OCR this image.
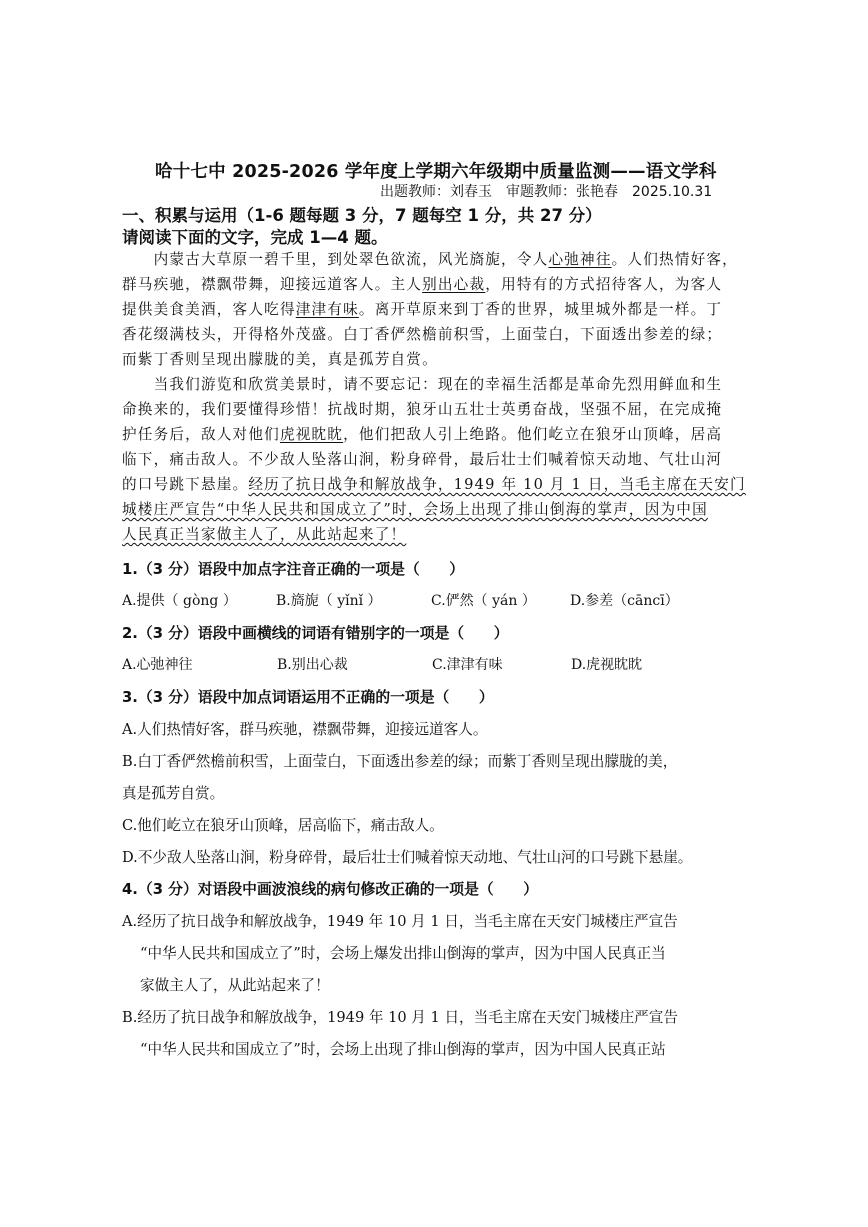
哈十七中 2025-2026 学年度上学期六年级期中质量监测——语文学科
出题教师：刘春玉 审题教师：张艳春 2025.10.31
一、积累与运用（1-6 题每题 3 分，7 题每空 1 分，共 27 分）
请阅读下面的文字，完成 1—4 题。
　　内蒙古大草原一碧千里，到处翠色欲流，风光旖旎，令人心弛神往。人们热情好客，
群马疾驰，襟飘带舞，迎接远道客人。主人别出心裁，用特有的方式招待客人，为客人
提供美食美酒，客人吃得津津有味。离开草原来到丁香的世界，城里城外都是一样。丁
香花缀满枝头，开得格外茂盛。白丁香俨然檐前积雪，上面莹白，下面透出参差的绿；
而紫丁香则呈现出朦胧的美，真是孤芳自赏。
　　当我们游览和欣赏美景时，请不要忘记：现在的幸福生活都是革命先烈用鲜血和生
命换来的，我们要懂得珍惜！抗战时期，狼牙山五壮士英勇奋战，坚强不屈，在完成掩
护任务后，敌人对他们虎视眈眈，他们把敌人引上绝路。他们屹立在狼牙山顶峰，居高
临下，痛击敌人。不少敌人坠落山涧，粉身碎骨，最后壮士们喊着惊天动地、气壮山河
的口号跳下悬崖。经历了抗日战争和解放战争，1949 年 10 月 1 日，当毛主席在天安门
城楼庄严宣告“中华人民共和国成立了”时，会场上出现了排山倒海的掌声，因为中国
人民真正当家做主人了，从此站起来了！
1.（3 分）语段中加点字注音正确的一项是（　　）
A.提供（ gòng ）	B.旖旎（ yǐnǐ ）	C.俨然（ yán ） D.参差（cāncī）
2.（3 分）语段中画横线的词语有错别字的一项是（　　）
A.心弛神往	B.别出心裁	C.津津有味	D.虎视眈眈
3.（3 分）语段中加点词语运用不正确的一项是（　　）
A.人们热情好客，群马疾驰，襟飘带舞，迎接远道客人。
B.白丁香俨然檐前积雪，上面莹白，下面透出参差的绿；而紫丁香则呈现出朦胧的美，
真是孤芳自赏。
C.他们屹立在狼牙山顶峰，居高临下，痛击敌人。
D.不少敌人坠落山涧，粉身碎骨，最后壮士们喊着惊天动地、气壮山河的口号跳下悬崖。
4.（3 分）对语段中画波浪线的病句修改正确的一项是（　　）
A.经历了抗日战争和解放战争，1949 年 10 月 1 日，当毛主席在天安门城楼庄严宣告
“中华人民共和国成立了”时，会场上爆发出排山倒海的掌声，因为中国人民真正当
家做主人了，从此站起来了！
B.经历了抗日战争和解放战争，1949 年 10 月 1 日，当毛主席在天安门城楼庄严宣告
“中华人民共和国成立了”时，会场上出现了排山倒海的掌声，因为中国人民真正站
